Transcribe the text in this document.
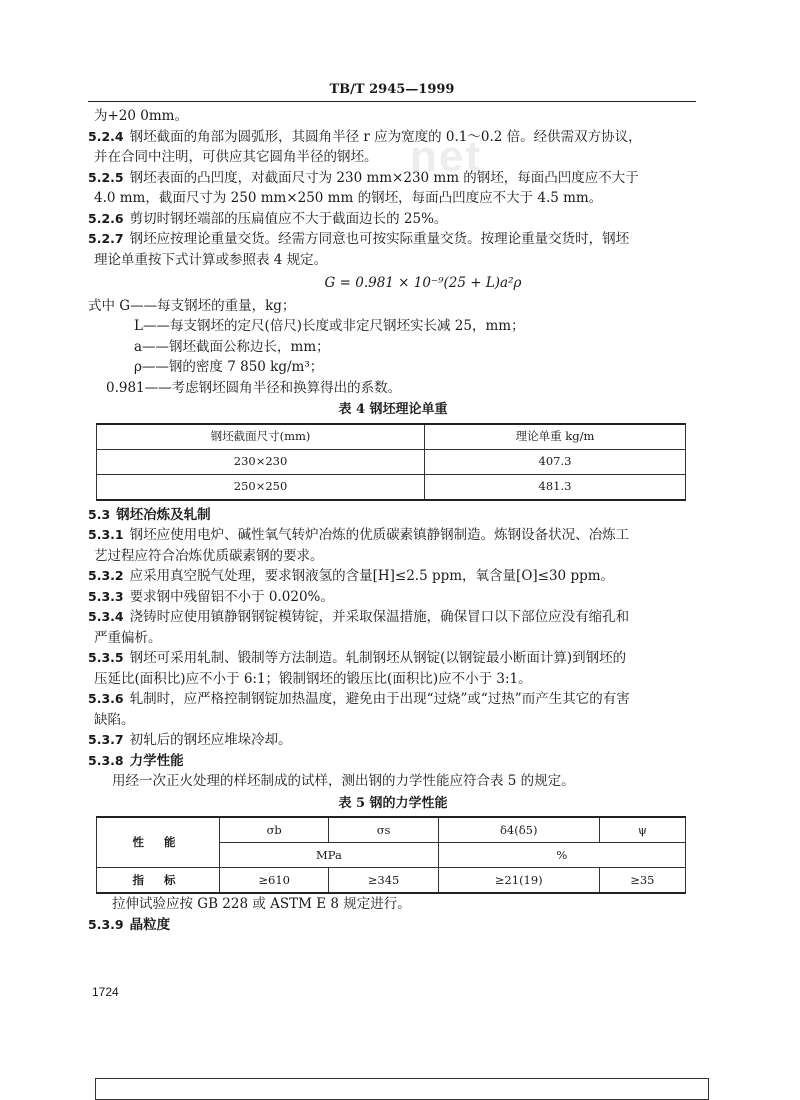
TB/T 2945—1999
net
为+20 0mm。
5.2.4 钢坯截面的角部为圆弧形，其圆角半径 r 应为宽度的 0.1～0.2 倍。经供需双方协议，
并在合同中注明，可供应其它圆角半径的钢坯。
5.2.5 钢坯表面的凸凹度，对截面尺寸为 230 mm×230 mm 的钢坯，每面凸凹度应不大于
4.0 mm，截面尺寸为 250 mm×250 mm 的钢坯，每面凸凹度应不大于 4.5 mm。
5.2.6 剪切时钢坯端部的压扁值应不大于截面边长的 25%。
5.2.7 钢坯应按理论重量交货。经需方同意也可按实际重量交货。按理论重量交货时，钢坯
理论单重按下式计算或参照表 4 规定。
G = 0.981 × 10⁻⁹(25 + L)a²ρ
式中 G——每支钢坯的重量，kg；
L——每支钢坯的定尺(倍尺)长度或非定尺钢坯实长减 25，mm；
a——钢坯截面公称边长，mm；
ρ——钢的密度 7 850 kg/m³；
0.981——考虑钢坯圆角半径和换算得出的系数。
表 4 钢坯理论单重
钢坯截面尺寸(mm)	理论单重 kg/m
230×230	407.3
250×250	481.3
5.3 钢坯冶炼及轧制
5.3.1 钢坯应使用电炉、碱性氧气转炉冶炼的优质碳素镇静钢制造。炼钢设备状况、冶炼工
艺过程应符合冶炼优质碳素钢的要求。
5.3.2 应采用真空脱气处理，要求钢液氢的含量[H]≤2.5 ppm，氧含量[O]≤30 ppm。
5.3.3 要求钢中残留铝不小于 0.020%。
5.3.4 浇铸时应使用镇静钢钢锭模铸锭，并采取保温措施，确保冒口以下部位应没有缩孔和
严重偏析。
5.3.5 钢坯可采用轧制、锻制等方法制造。轧制钢坯从钢锭(以钢锭最小断面计算)到钢坯的
压延比(面积比)应不小于 6:1；锻制钢坯的锻压比(面积比)应不小于 3:1。
5.3.6 轧制时，应严格控制钢锭加热温度，避免由于出现“过烧”或“过热”而产生其它的有害
缺陷。
5.3.7 初轧后的钢坯应堆垛冷却。
5.3.8 力学性能
用经一次正火处理的样坯制成的试样，测出钢的力学性能应符合表 5 的规定。
表 5 钢的力学性能
性 能	σb	σs	δ4(δ5)	ψ
	MPa		%	
指 标	≥610	≥345	≥21(19)	≥35
拉伸试验应按 GB 228 或 ASTM E 8 规定进行。
5.3.9 晶粒度
1724
